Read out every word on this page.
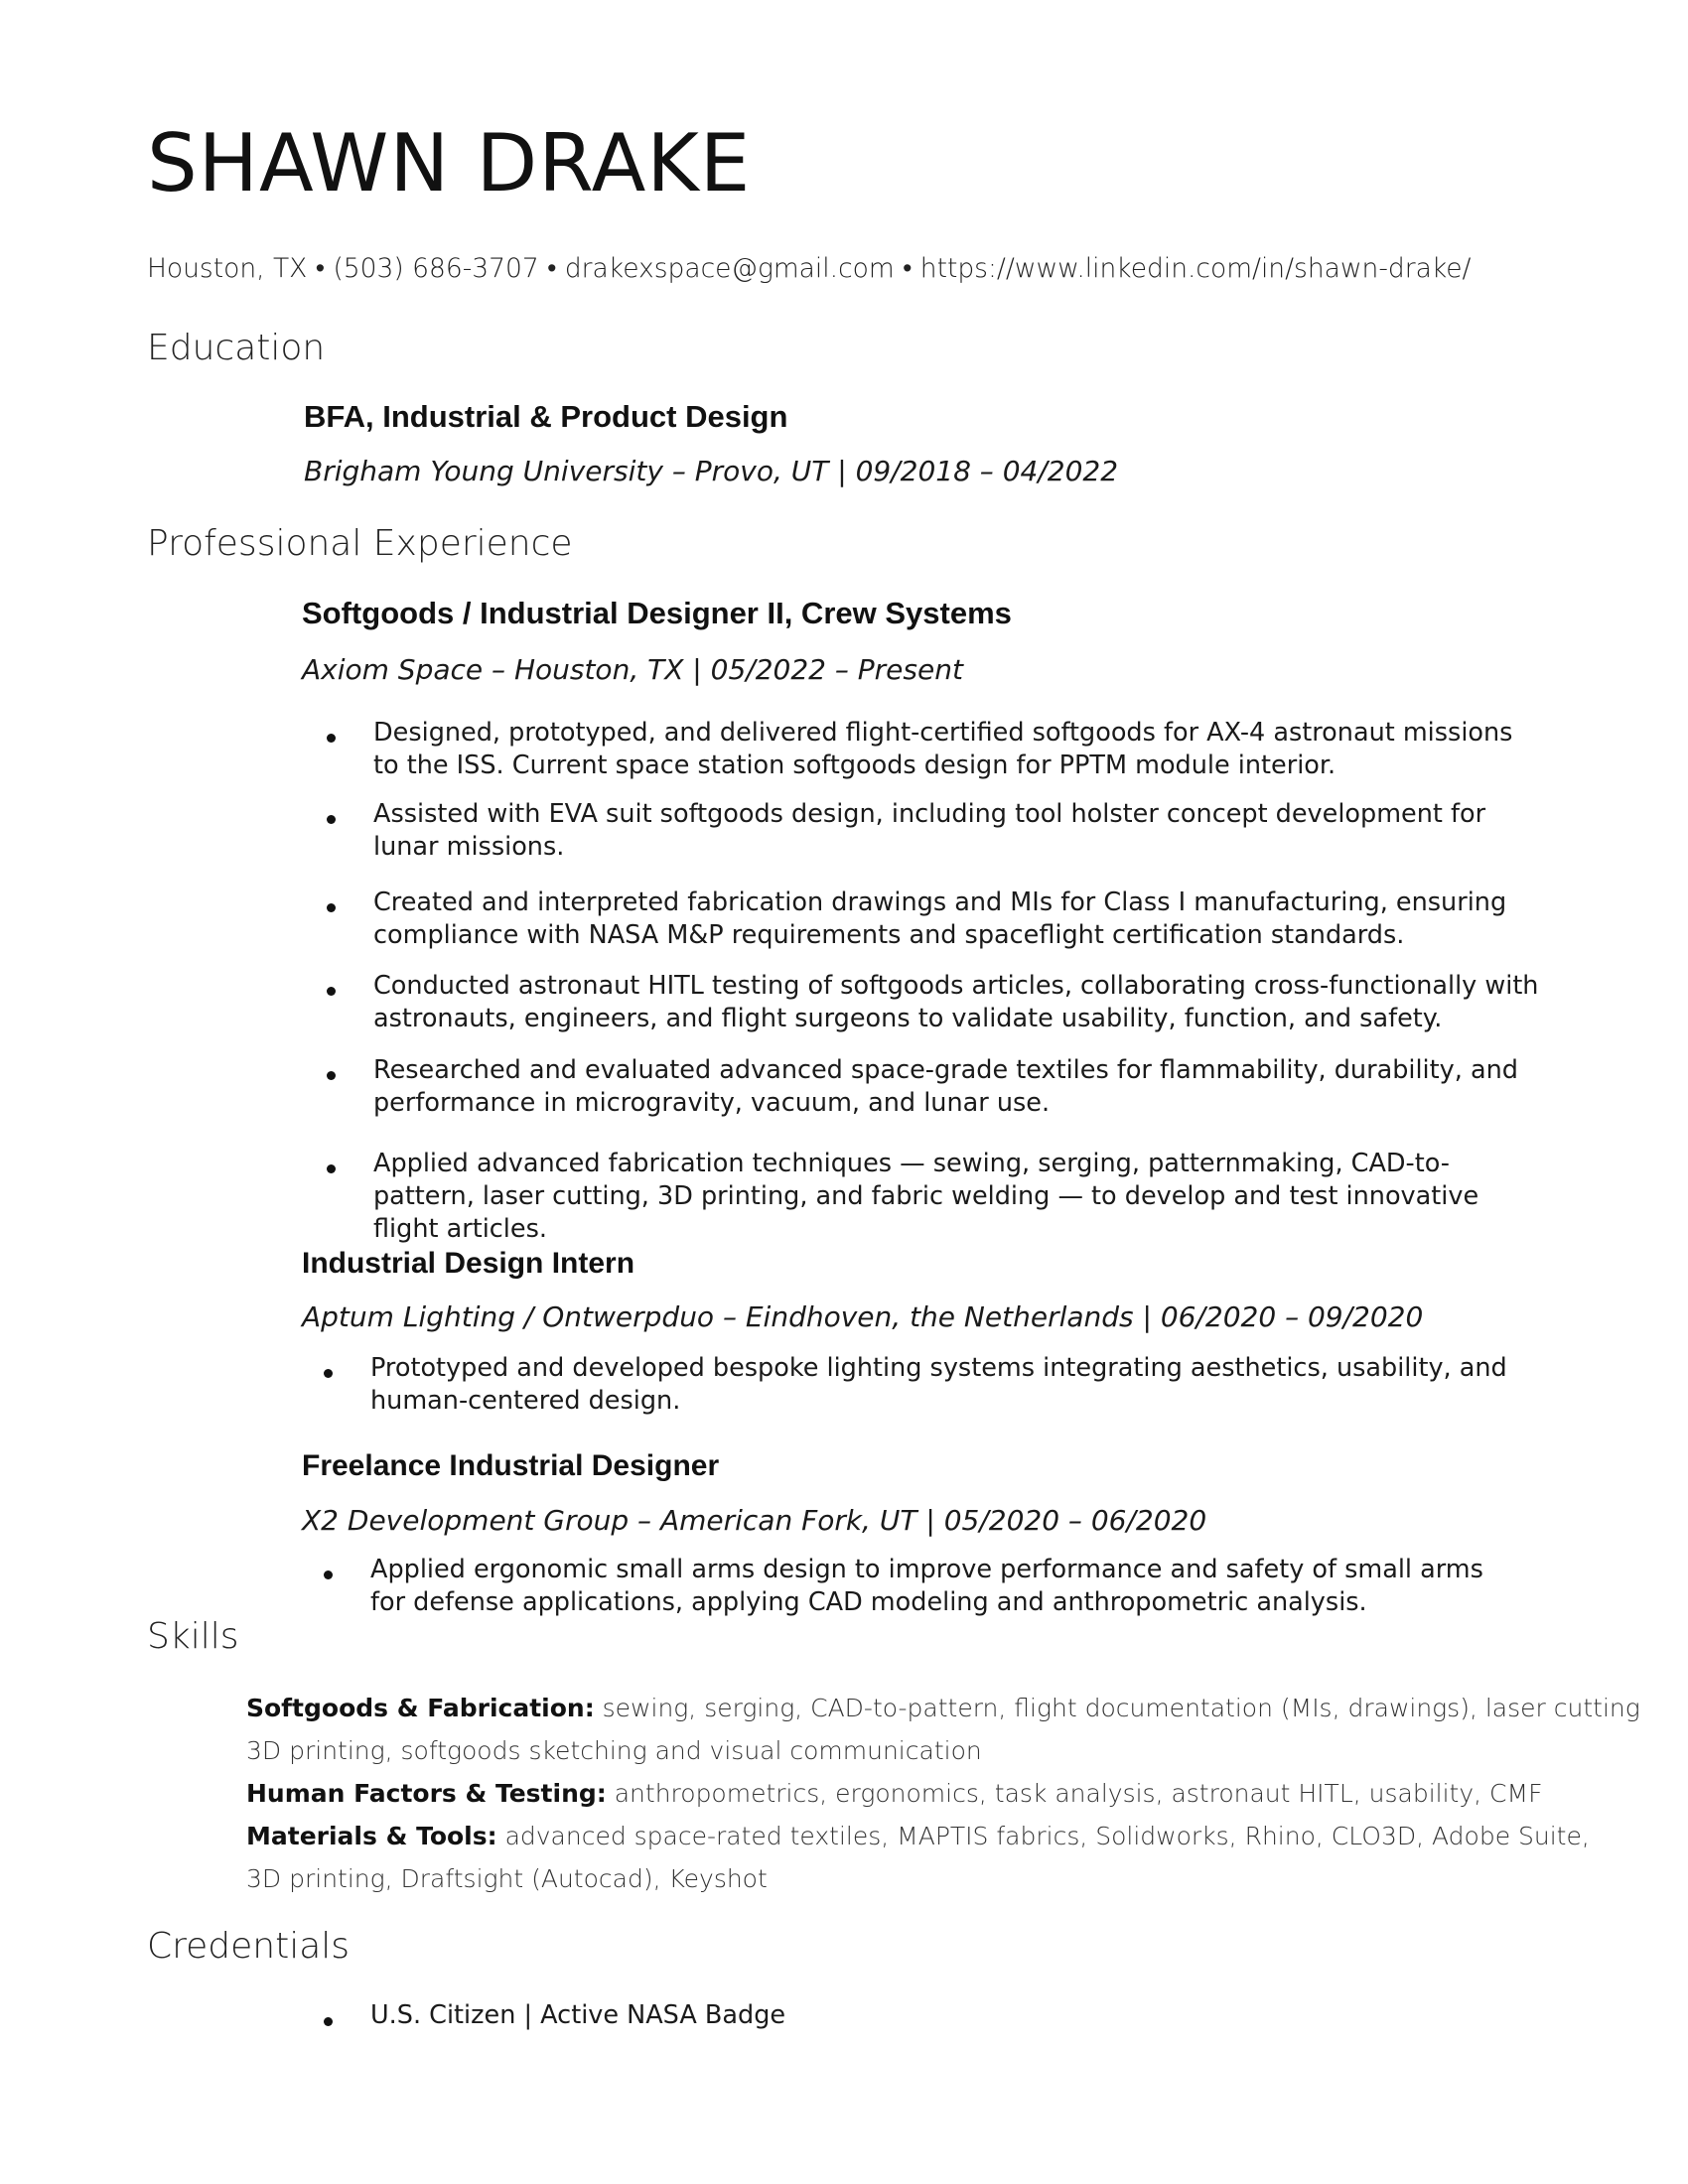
SHAWN DRAKE

Houston, TX • (503) 686-3707 • drakexspace@gmail.com • https://www.linkedin.com/in/shawn-drake/

Education

BFA, Industrial & Product Design

Brigham Young University – Provo, UT | 09/2018 – 04/2022

Professional Experience

Softgoods / Industrial Designer II, Crew Systems

Axiom Space – Houston, TX | 05/2022 – Present

Designed, prototyped, and delivered flight-certified softgoods for AX-4 astronaut missions to the ISS. Current space station softgoods design for PPTM module interior.

Assisted with EVA suit softgoods design, including tool holster concept development for lunar missions.

Created and interpreted fabrication drawings and MIs for Class I manufacturing, ensuring compliance with NASA M&P requirements and spaceflight certification standards.

Conducted astronaut HITL testing of softgoods articles, collaborating cross-functionally with astronauts, engineers, and flight surgeons to validate usability, function, and safety.

Researched and evaluated advanced space-grade textiles for flammability, durability, and performance in microgravity, vacuum, and lunar use.

Applied advanced fabrication techniques — sewing, serging, patternmaking, CAD-to-pattern, laser cutting, 3D printing, and fabric welding — to develop and test innovative flight articles.

Industrial Design Intern

Aptum Lighting / Ontwerpduo – Eindhoven, the Netherlands | 06/2020 – 09/2020

Prototyped and developed bespoke lighting systems integrating aesthetics, usability, and human-centered design.

Freelance Industrial Designer

X2 Development Group – American Fork, UT | 05/2020 – 06/2020

Applied ergonomic small arms design to improve performance and safety of small arms for defense applications, applying CAD modeling and anthropometric analysis.

Skills
Softgoods & Fabrication: sewing, serging, CAD-to-pattern, flight documentation (MIs, drawings), laser cutting
3D printing, softgoods sketching and visual communication
Human Factors & Testing: anthropometrics, ergonomics, task analysis, astronaut HITL, usability, CMF
Materials & Tools: advanced space-rated textiles, MAPTIS fabrics, Solidworks, Rhino, CLO3D, Adobe Suite,
3D printing, Draftsight (Autocad), Keyshot
Credentials

U.S. Citizen | Active NASA Badge
